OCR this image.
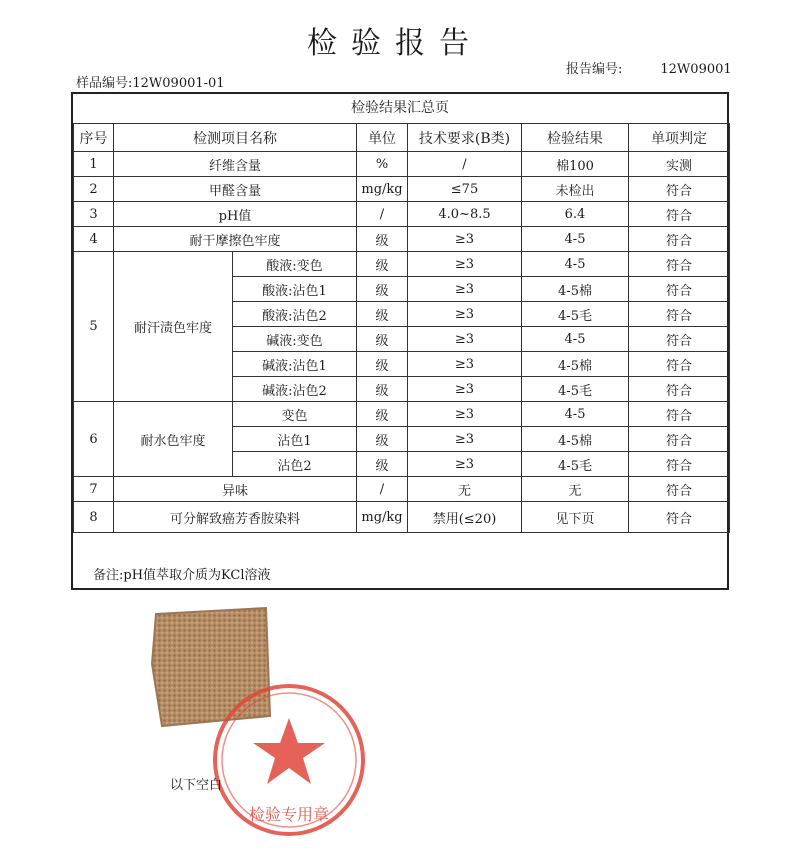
检验报告
样品编号:12W09001-01
报告编号:	12W09001
检验结果汇总页
序号	检测项目名称		单位	技术要求(B类)	检验结果	单项判定
1	纤维含量		%	/	棉100	实测
2	甲醛含量		mg/kg	≤75	未检出	符合
3	pH值		/	4.0~8.5	6.4	符合
4	耐干摩擦色牢度		级	≥3	4-5	符合
5	耐汗渍色牢度	酸液:变色	级	≥3	4-5	符合
		酸液:沾色1	级	≥3	4-5棉	符合
		酸液:沾色2	级	≥3	4-5毛	符合
		碱液:变色	级	≥3	4-5	符合
		碱液:沾色1	级	≥3	4-5棉	符合
		碱液:沾色2	级	≥3	4-5毛	符合
6	耐水色牢度	变色	级	≥3	4-5	符合
		沾色1	级	≥3	4-5棉	符合
		沾色2	级	≥3	4-5毛	符合
7	异味		/	无	无	符合
8	可分解致癌芳香胺染料		mg/kg	禁用(≤20)	见下页	符合
备注:pH值萃取介质为KCl溶液
检验专用章
以下空白
